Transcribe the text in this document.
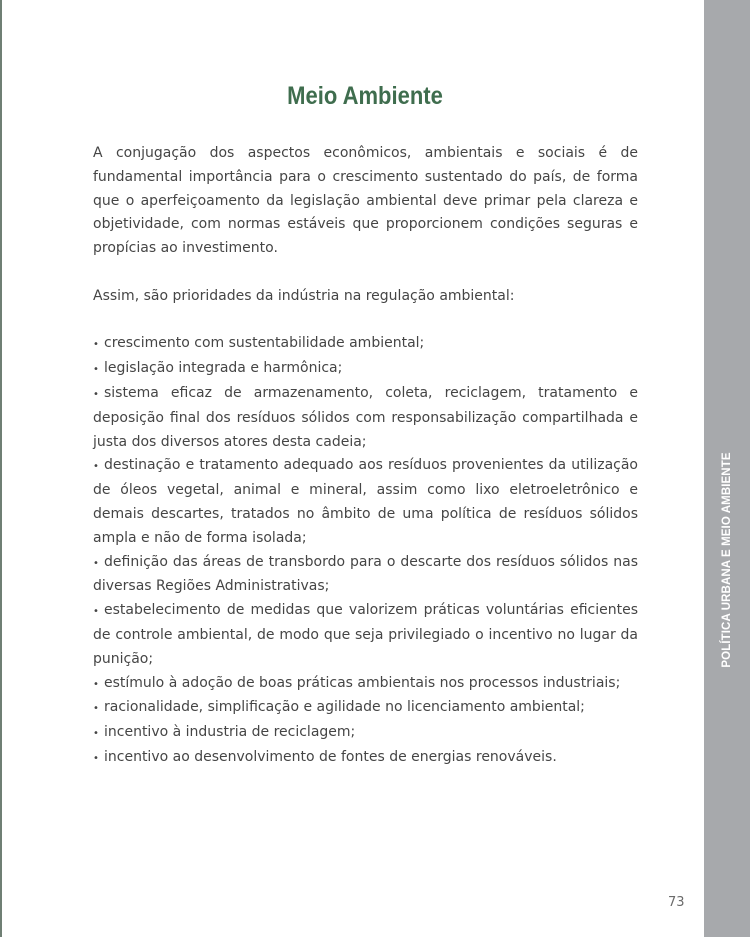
POLÍTICA URBANA E MEIO AMBIENTE
Meio Ambiente

A conjugação dos aspectos econômicos, ambientais e sociais é de fundamental importância para o crescimento sustentado do país, de forma que o aperfeiçoamento da legislação ambiental deve primar pela clareza e objetividade, com normas estáveis que proporcionem condições seguras e propícias ao investimento.

Assim, são prioridades da indústria na regulação ambiental:

• crescimento com sustentabilidade ambiental;
• legislação integrada e harmônica;
• sistema eficaz de armazenamento, coleta, reciclagem, tratamento e deposição final dos resíduos sólidos com responsabilização compartilhada e justa dos diversos atores desta cadeia;
• destinação e tratamento adequado aos resíduos provenientes da utilização de óleos vegetal, animal e mineral, assim como lixo eletroeletrônico e demais descartes, tratados no âmbito de uma política de resíduos sólidos ampla e não de forma isolada;
• definição das áreas de transbordo para o descarte dos resíduos sólidos nas diversas Regiões Administrativas;
• estabelecimento de medidas que valorizem práticas voluntárias eficientes de controle ambiental, de modo que seja privilegiado o incentivo no lugar da punição;
• estímulo à adoção de boas práticas ambientais nos processos industriais;
• racionalidade, simplificação e agilidade no licenciamento ambiental;
• incentivo à industria de reciclagem;
• incentivo ao desenvolvimento de fontes de energias renováveis.
73
